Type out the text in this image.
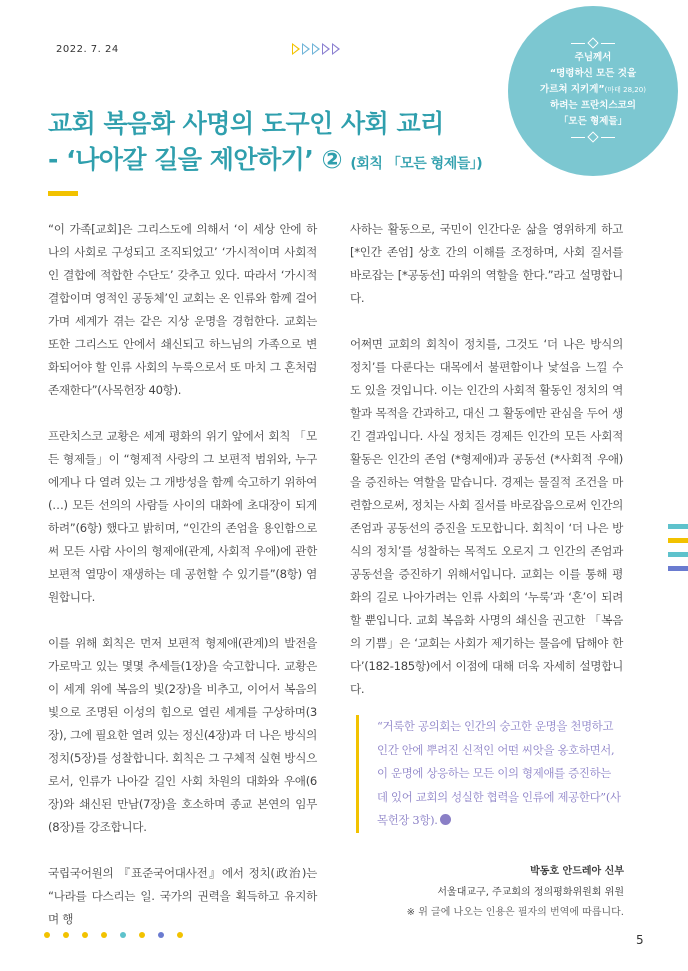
2022. 7. 24
주님께서
“명령하신 모든 것을
가르쳐 지키게”(마태 28,20)
하려는 프란치스코의
「모든 형제들」
교회 복음화 사명의 도구인 사회 교리
- ‘나아갈 길을 제안하기’ ② (회칙 「모든 형제들」)

“이 가족[교회]은 그리스도에 의해서 ‘이 세상 안에 하나의 사회로 구성되고 조직되었고’ ‘가시적이며 사회적인 결합에 적합한 수단도’ 갖추고 있다. 따라서 ‘가시적 결합이며 영적인 공동체’인 교회는 온 인류와 함께 걸어가며 세계가 겪는 같은 지상 운명을 경험한다. 교회는 또한 그리스도 안에서 쇄신되고 하느님의 가족으로 변화되어야 할 인류 사회의 누룩으로서 또 마치 그 혼처럼 존재한다”(사목헌장 40항).

프란치스코 교황은 세계 평화의 위기 앞에서 회칙 「모든 형제들」이 “형제적 사랑의 그 보편적 범위와, 누구에게나 다 열려 있는 그 개방성을 함께 숙고하기 위하여 (…) 모든 선의의 사람들 사이의 대화에 초대장이 되게 하려”(6항) 했다고 밝히며, “인간의 존엄을 용인함으로써 모든 사람 사이의 형제애(관계, 사회적 우애)에 관한 보편적 열망이 재생하는 데 공헌할 수 있기를”(8항) 염원합니다.

이를 위해 회칙은 먼저 보편적 형제애(관계)의 발전을 가로막고 있는 몇몇 추세들(1장)을 숙고합니다. 교황은 이 세계 위에 복음의 빛(2장)을 비추고, 이어서 복음의 빛으로 조명된 이성의 힘으로 열린 세계를 구상하며(3장), 그에 필요한 열려 있는 정신(4장)과 더 나은 방식의 정치(5장)를 성찰합니다. 회칙은 그 구체적 실현 방식으로서, 인류가 나아갈 길인 사회 차원의 대화와 우애(6장)와 쇄신된 만남(7장)을 호소하며 종교 본연의 임무(8장)를 강조합니다.

국립국어원의 『표준국어대사전』에서 정치(政治)는 “나라를 다스리는 일. 국가의 권력을 획득하고 유지하며 행

사하는 활동으로, 국민이 인간다운 삶을 영위하게 하고 [*인간 존엄] 상호 간의 이해를 조정하며, 사회 질서를 바로잡는 [*공동선] 따위의 역할을 한다.”라고 설명합니다.

어쩌면 교회의 회칙이 정치를, 그것도 ‘더 나은 방식의 정치’를 다룬다는 대목에서 불편함이나 낯설음 느낄 수도 있을 것입니다. 이는 인간의 사회적 활동인 정치의 역할과 목적을 간과하고, 대신 그 활동에만 관심을 두어 생긴 결과입니다. 사실 정치든 경제든 인간의 모든 사회적 활동은 인간의 존엄 (*형제애)과 공동선 (*사회적 우애)을 증진하는 역할을 맡습니다. 경제는 물질적 조건을 마련함으로써, 정치는 사회 질서를 바로잡음으로써 인간의 존엄과 공동선의 증진을 도모합니다. 회칙이 ‘더 나은 방식의 정치’를 성찰하는 목적도 오로지 그 인간의 존엄과 공동선을 증진하기 위해서입니다. 교회는 이를 통해 평화의 길로 나아가려는 인류 사회의 ‘누룩’과 ‘혼’이 되려 할 뿐입니다. 교회 복음화 사명의 쇄신을 권고한 「복음의 기쁨」은 ‘교회는 사회가 제기하는 물음에 답해야 한다’(182-185항)에서 이점에 대해 더욱 자세히 설명합니다.

“거룩한 공의회는 인간의 숭고한 운명을 천명하고 인간 안에 뿌려진 신적인 어떤 씨앗을 옹호하면서, 이 운명에 상응하는 모든 이의 형제애를 증진하는 데 있어 교회의 성실한 협력을 인류에 제공한다”(사목헌장 3항).
박동호 안드레아 신부
서울대교구, 주교회의 정의평화위원회 위원
※ 위 글에 나오는 인용은 필자의 번역에 따릅니다.
5
